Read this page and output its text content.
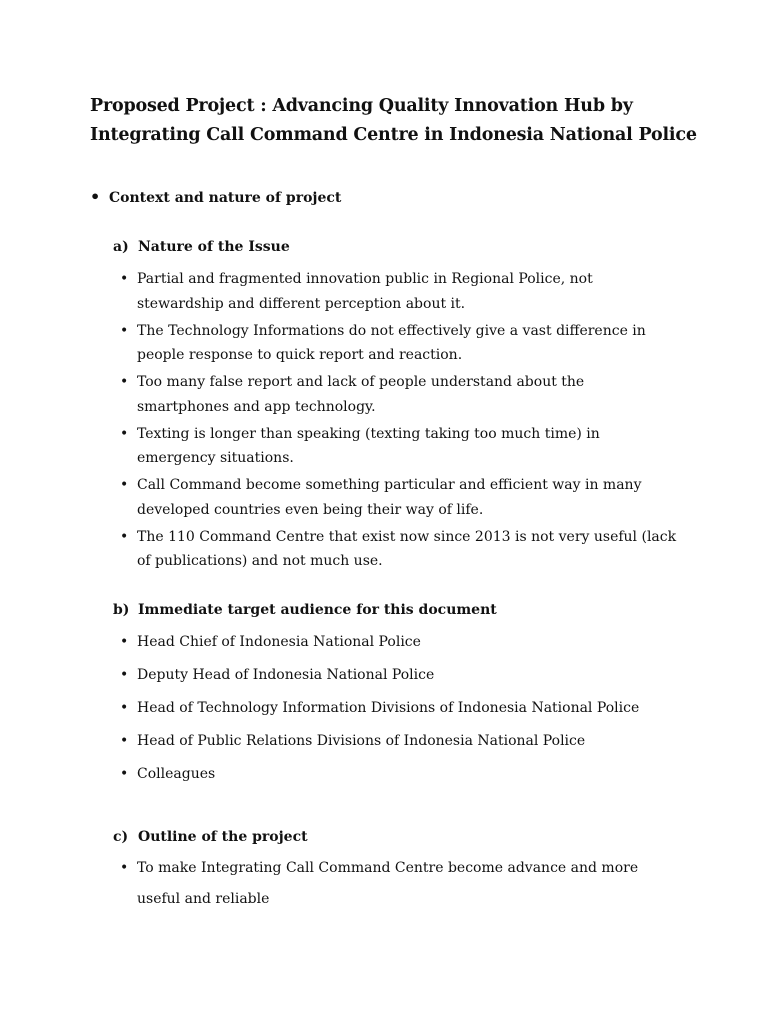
Proposed Project : Advancing Quality Innovation Hub by Integrating Call Command Centre in Indonesia National Police
• Context and nature of project
a) Nature of the Issue
• Partial and fragmented innovation public in Regional Police, not stewardship and different perception about it.
• The Technology Informations do not effectively give a vast difference in people response to quick report and reaction.
• Too many false report and lack of people understand about the smartphones and app technology.
• Texting is longer than speaking (texting taking too much time) in emergency situations.
• Call Command become something particular and efficient way in many developed countries even being their way of life.
• The 110 Command Centre that exist now since 2013 is not very useful (lack of publications) and not much use.
b) Immediate target audience for this document
• Head Chief of Indonesia National Police
• Deputy Head of Indonesia National Police
• Head of Technology Information Divisions of Indonesia National Police
• Head of Public Relations Divisions of Indonesia National Police
• Colleagues
c) Outline of the project
• To make Integrating Call Command Centre become advance and more useful and reliable
